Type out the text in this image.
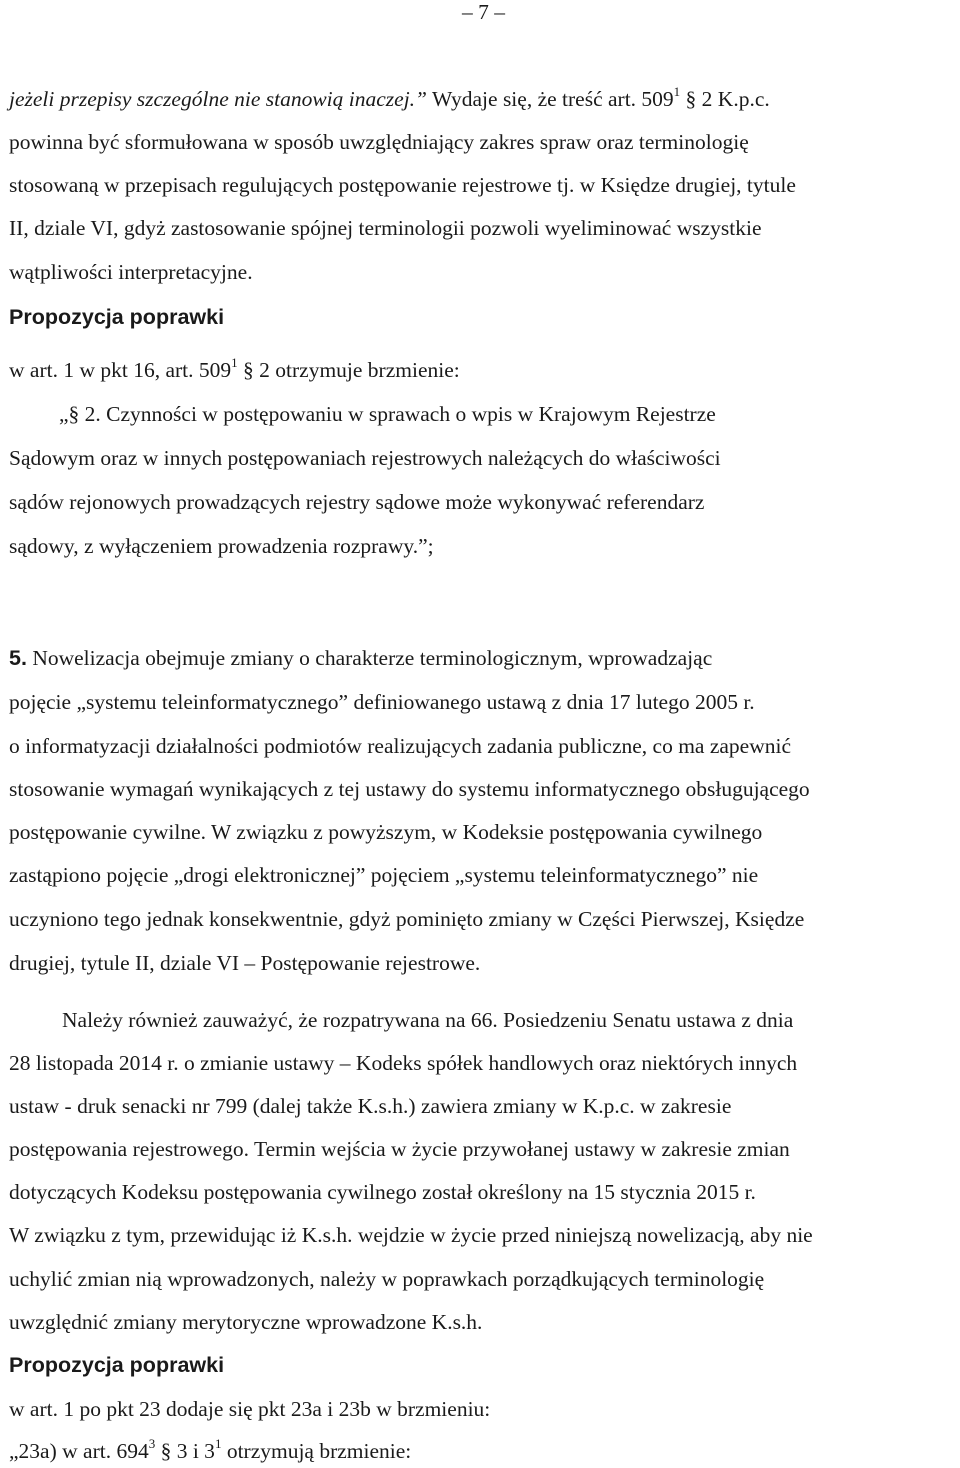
– 7 –
jeżeli przepisy szczególne nie stanowią inaczej.” Wydaje się, że treść art. $509^1$ § 2 K.p.c.
powinna być sformułowana w sposób uwzględniający zakres spraw oraz terminologię
stosowaną w przepisach regulujących postępowanie rejestrowe tj. w Księdze drugiej, tytule
II, dziale VI, gdyż zastosowanie spójnej terminologii pozwoli wyeliminować wszystkie
wątpliwości interpretacyjne.
Propozycja poprawki
w art. 1 w pkt 16, art. $509^1$ § 2 otrzymuje brzmienie:
„§ 2. Czynności w postępowaniu w sprawach o wpis w Krajowym Rejestrze
Sądowym oraz w innych postępowaniach rejestrowych należących do właściwości
sądów rejonowych prowadzących rejestry sądowe może wykonywać referendarz
sądowy, z wyłączeniem prowadzenia rozprawy.”;
5. Nowelizacja obejmuje zmiany o charakterze terminologicznym, wprowadzając
pojęcie „systemu teleinformatycznego” definiowanego ustawą z dnia 17 lutego 2005 r.
o informatyzacji działalności podmiotów realizujących zadania publiczne, co ma zapewnić
stosowanie wymagań wynikających z tej ustawy do systemu informatycznego obsługującego
postępowanie cywilne. W związku z powyższym, w Kodeksie postępowania cywilnego
zastąpiono pojęcie „drogi elektronicznej” pojęciem „systemu teleinformatycznego” nie
uczyniono tego jednak konsekwentnie, gdyż pominięto zmiany w Części Pierwszej, Księdze
drugiej, tytule II, dziale VI – Postępowanie rejestrowe.
Należy również zauważyć, że rozpatrywana na 66. Posiedzeniu Senatu ustawa z dnia
28 listopada 2014 r. o zmianie ustawy – Kodeks spółek handlowych oraz niektórych innych
ustaw - druk senacki nr 799 (dalej także K.s.h.) zawiera zmiany w K.p.c. w zakresie
postępowania rejestrowego. Termin wejścia w życie przywołanej ustawy w zakresie zmian
dotyczących Kodeksu postępowania cywilnego został określony na 15 stycznia 2015 r.
W związku z tym, przewidując iż K.s.h. wejdzie w życie przed niniejszą nowelizacją, aby nie
uchylić zmian nią wprowadzonych, należy w poprawkach porządkujących terminologię
uwzględnić zmiany merytoryczne wprowadzone K.s.h.
Propozycja poprawki
w art. 1 po pkt 23 dodaje się pkt 23a i 23b w brzmieniu:
„23a) w art. $694^3$ § 3 i $3^1$ otrzymują brzmienie:
